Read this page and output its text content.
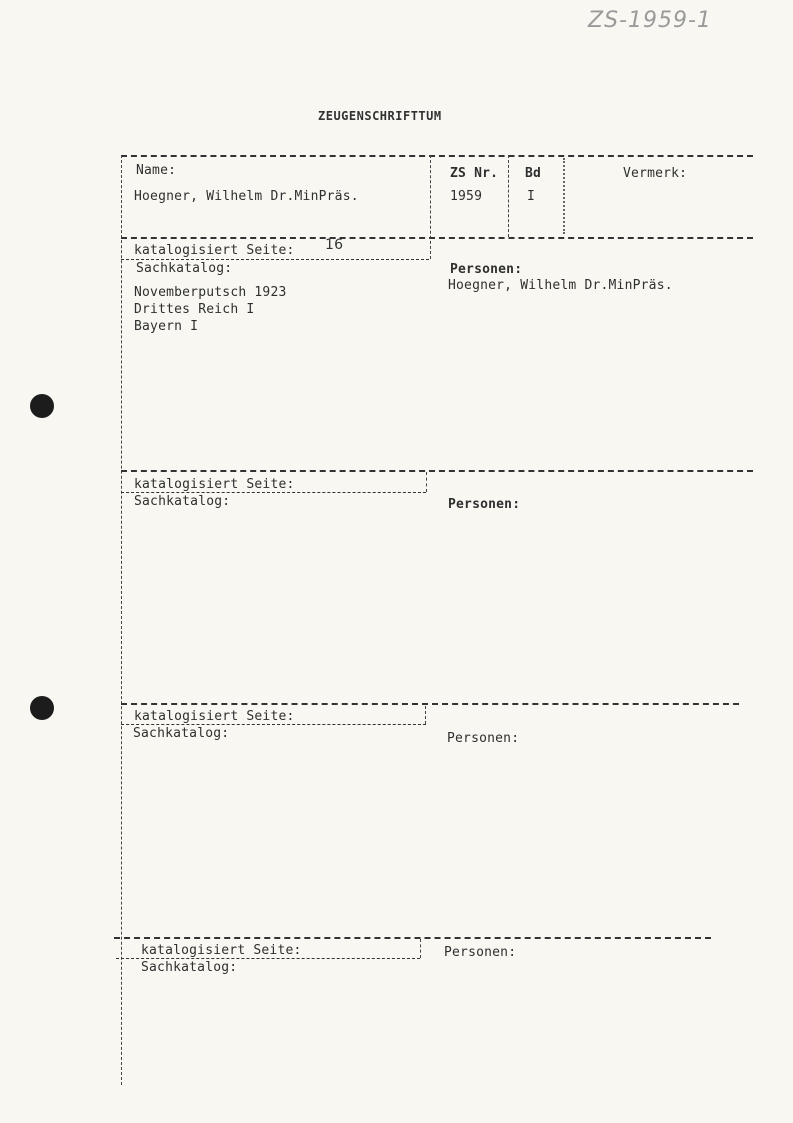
ZS-1959-1
ZEUGENSCHRIFTTUM
Name:
Hoegner, Wilhelm Dr.MinPräs.
ZS Nr.
1959
Bd
I
Vermerk:
katalogisiert Seite: 16
Sachkatalog:
Novemberputsch 1923
Drittes Reich I
Bayern I
Personen:
Hoegner, Wilhelm Dr.MinPräs.
katalogisiert Seite:
Sachkatalog:	Personen:
katalogisiert Seite:
Sachkatalog:	Personen:
katalogisiert Seite:
Sachkatalog:
Personen:
